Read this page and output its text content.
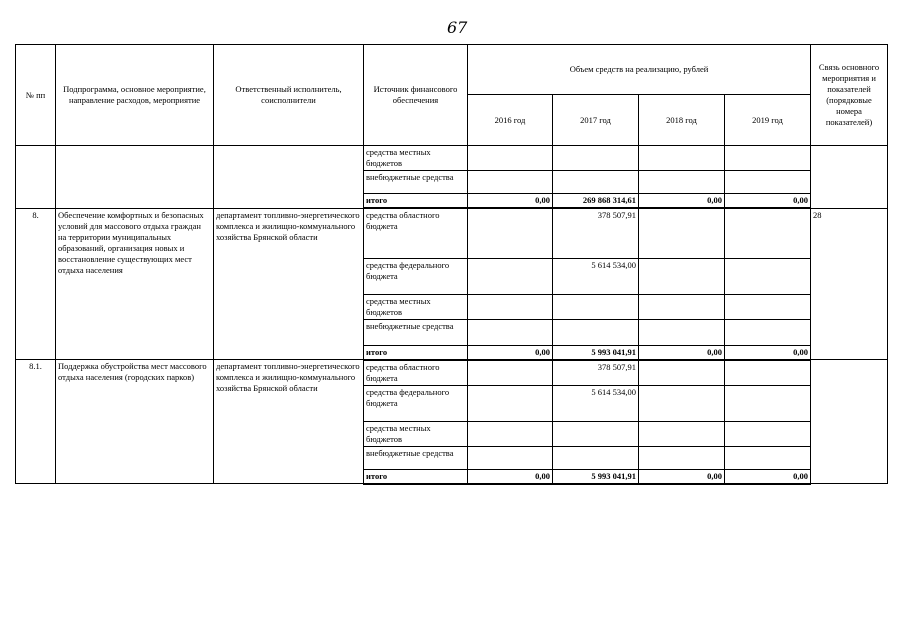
67
№ пп	Подпрограмма, основное мероприятие, направление расходов, мероприятие	Ответственный исполнитель, соисполнители	Источник финансового обеспечения	Объем средств на реализацию, рублей				Связь основного мероприятия и показателей (порядковые номера показателей)
				2016 год	2017 год	2018 год	2019 год	
			средства местных бюджетов					
			внебюджетные средства					
			итого	0,00	269 868 314,61	0,00	0,00	
8.	Обеспечение комфортных и безопасных условий для массового отдыха граждан на территории муниципальных образований, организация новых и восстановление существующих мест отдыха населения	департамент топливно-энергетического комплекса и жилищно-коммунального хозяйства Брянской области	средства областного бюджета		378 507,91			28
			средства федерального бюджета		5 614 534,00			
			средства местных бюджетов					
			внебюджетные средства					
			итого	0,00	5 993 041,91	0,00	0,00	
8.1.	Поддержка обустройства мест массового отдыха населения (городских парков)	департамент топливно-энергетического комплекса и жилищно-коммунального хозяйства Брянской области	средства областного бюджета		378 507,91			
			средства федерального бюджета		5 614 534,00			
			средства местных бюджетов					
			внебюджетные средства					
			итого	0,00	5 993 041,91	0,00	0,00	
